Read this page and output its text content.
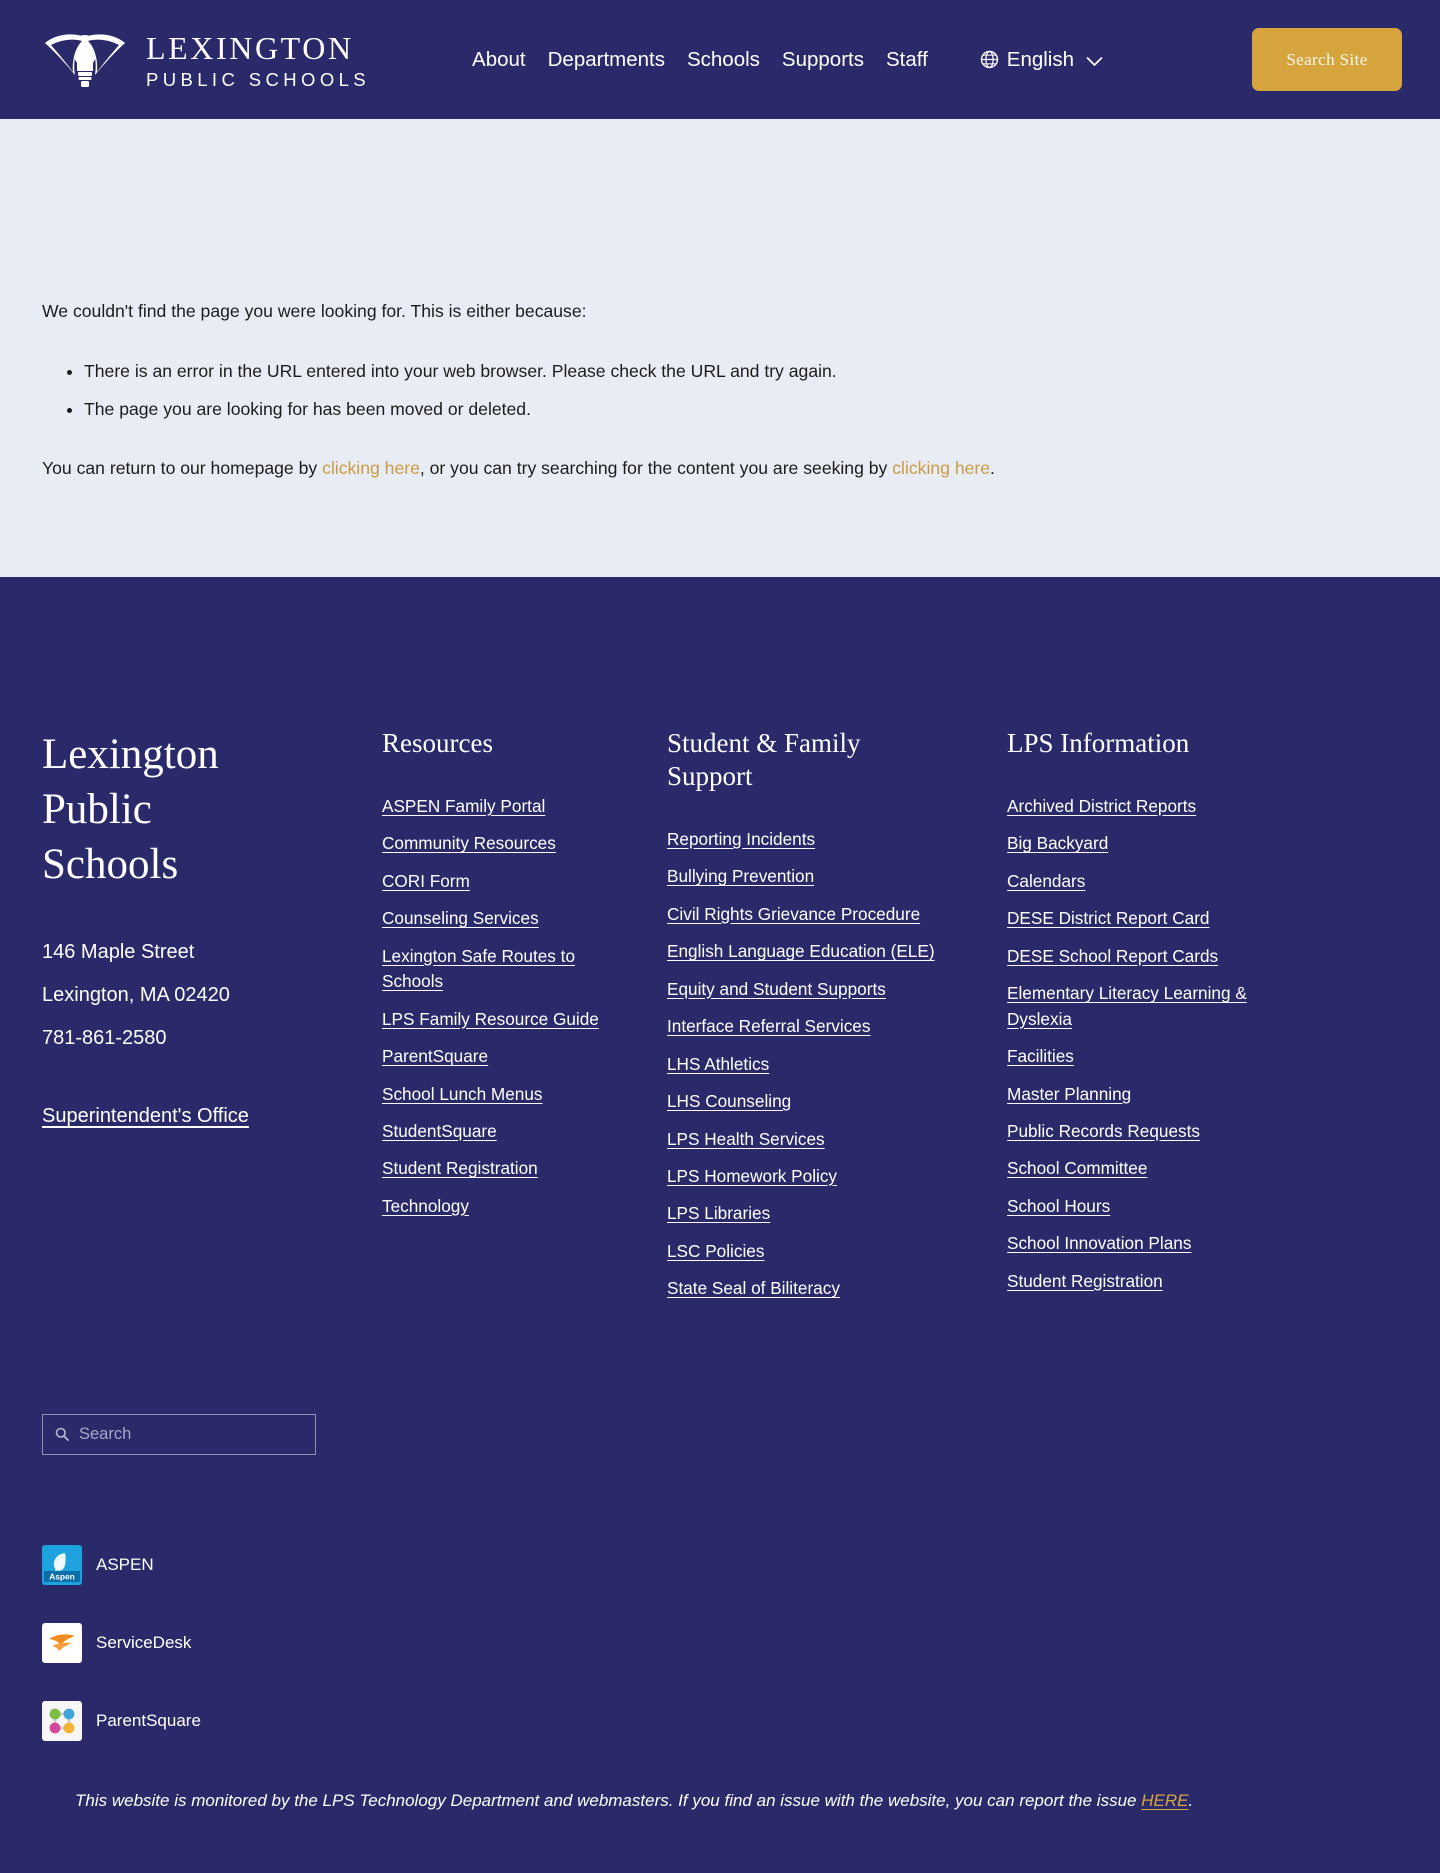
LEXINGTON
PUBLIC SCHOOLS
About Departments Schools Supports Staff	English	Search Site

We couldn't find the page you were looking for. This is either because:

• There is an error in the URL entered into your web browser. Please check the URL and try again.
• The page you are looking for has been moved or deleted.

You can return to our homepage by clicking here, or you can try searching for the content you are seeking by clicking here.

Lexington Public Schools
146 Maple Street
Lexington, MA 02420
781-861-2580
Superintendent's Office
Resources
ASPEN Family Portal
Community Resources
CORI Form
Counseling Services
Lexington Safe Routes to Schools
LPS Family Resource Guide
ParentSquare
School Lunch Menus
StudentSquare
Student Registration
Technology
Student & Family Support
Reporting Incidents
Bullying Prevention
Civil Rights Grievance Procedure
English Language Education (ELE)
Equity and Student Supports
Interface Referral Services
LHS Athletics
LHS Counseling
LPS Health Services
LPS Homework Policy
LPS Libraries
LSC Policies
State Seal of Biliteracy
LPS Information
Archived District Reports
Big Backyard
Calendars
DESE District Report Card
DESE School Report Cards
Elementary Literacy Learning & Dyslexia
Facilities
Master Planning
Public Records Requests
School Committee
School Hours
School Innovation Plans
Student Registration
Search
Aspen
ASPEN
ServiceDesk
ParentSquare

This website is monitored by the LPS Technology Department and webmasters. If you find an issue with the website, you can report the issue HERE.
